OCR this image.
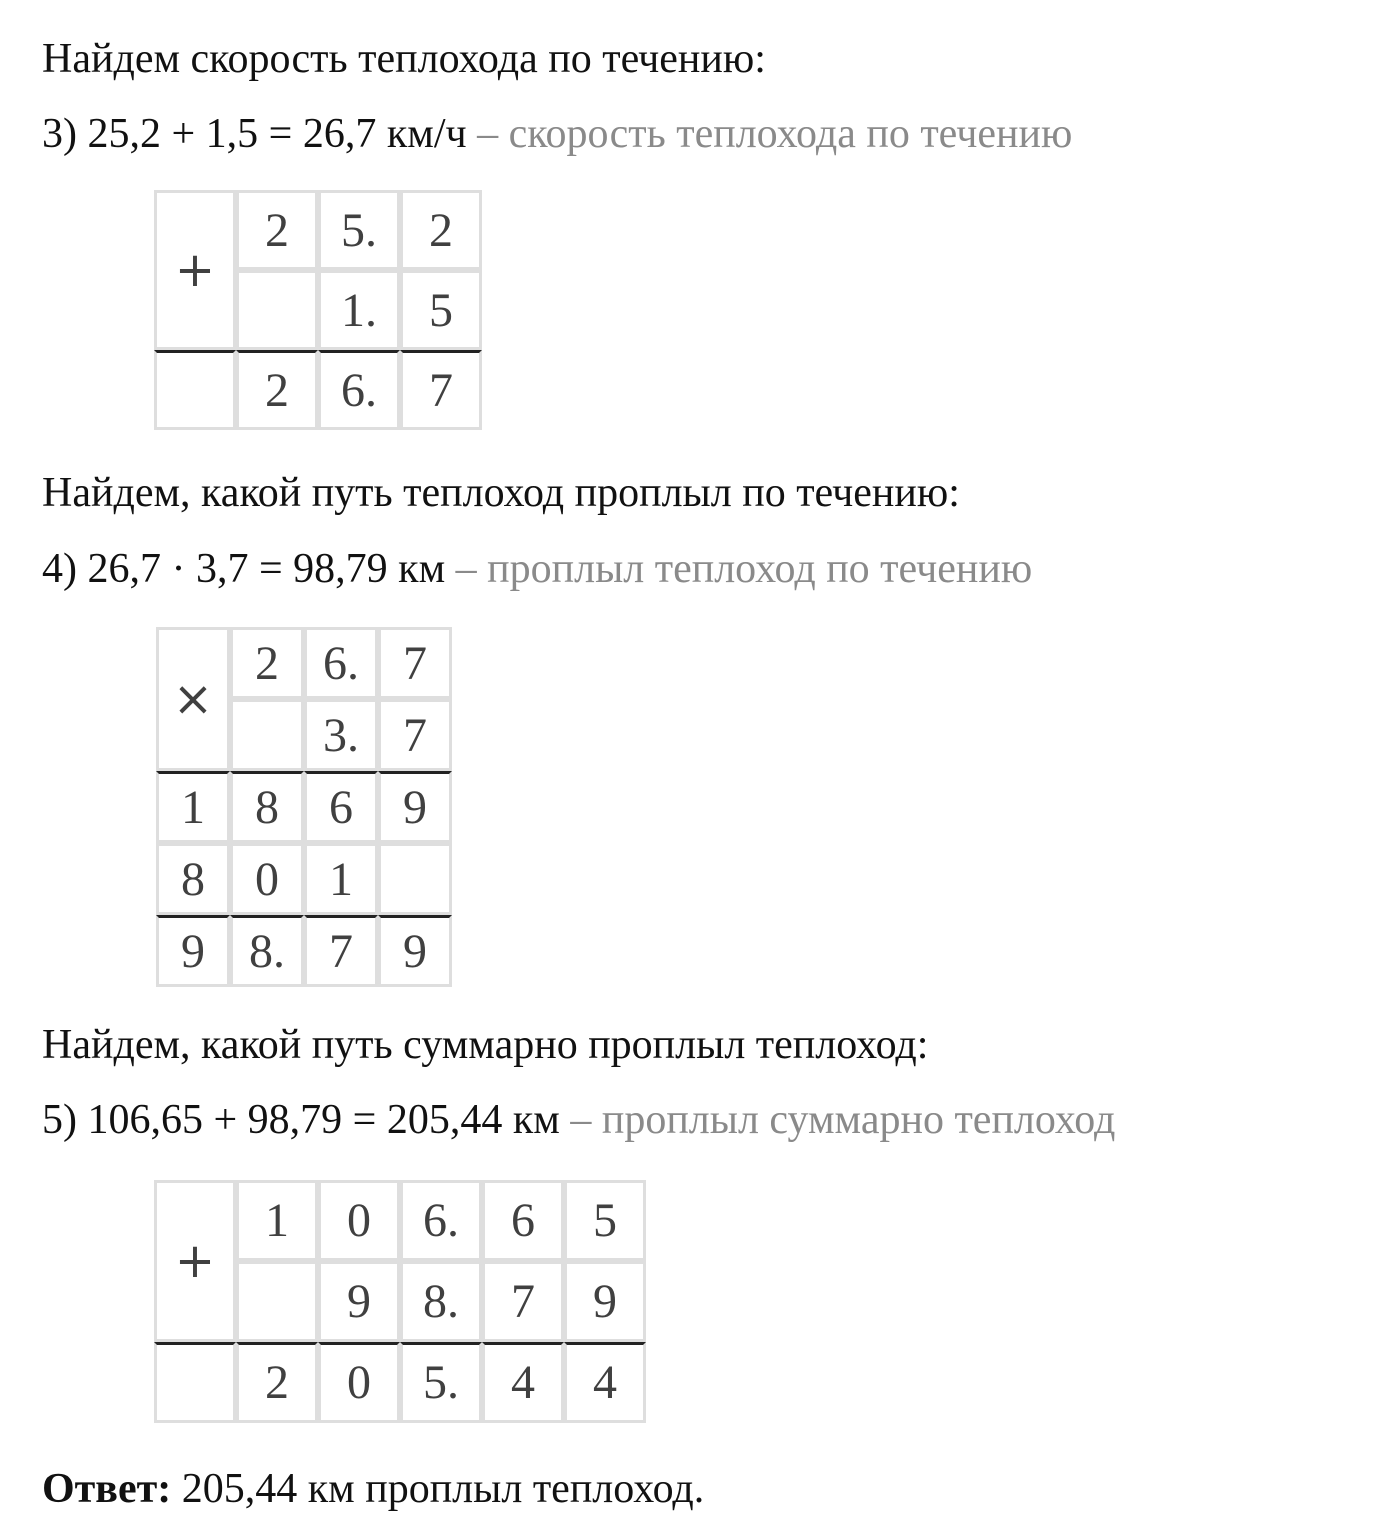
Найдем скорость теплохода по течению:

3) 25,2 + 1,5 = 26,7 км/ч – скорость теплохода по течению

+	2	5.	2
		1.	5
	2	6.	7

Найдем, какой путь теплоход проплыл по течению:

4) 26,7 · 3,7 = 98,79 км – проплыл теплоход по течению

×	2	6.	7
		3.	7
1	8	6	9
8	0	1	
9	8.	7	9

Найдем, какой путь суммарно проплыл теплоход:

5) 106,65 + 98,79 = 205,44 км – проплыл суммарно теплоход

+	1	0	6.	6	5
		9	8.	7	9
	2	0	5.	4	4

Ответ: 205,44 км проплыл теплоход.
